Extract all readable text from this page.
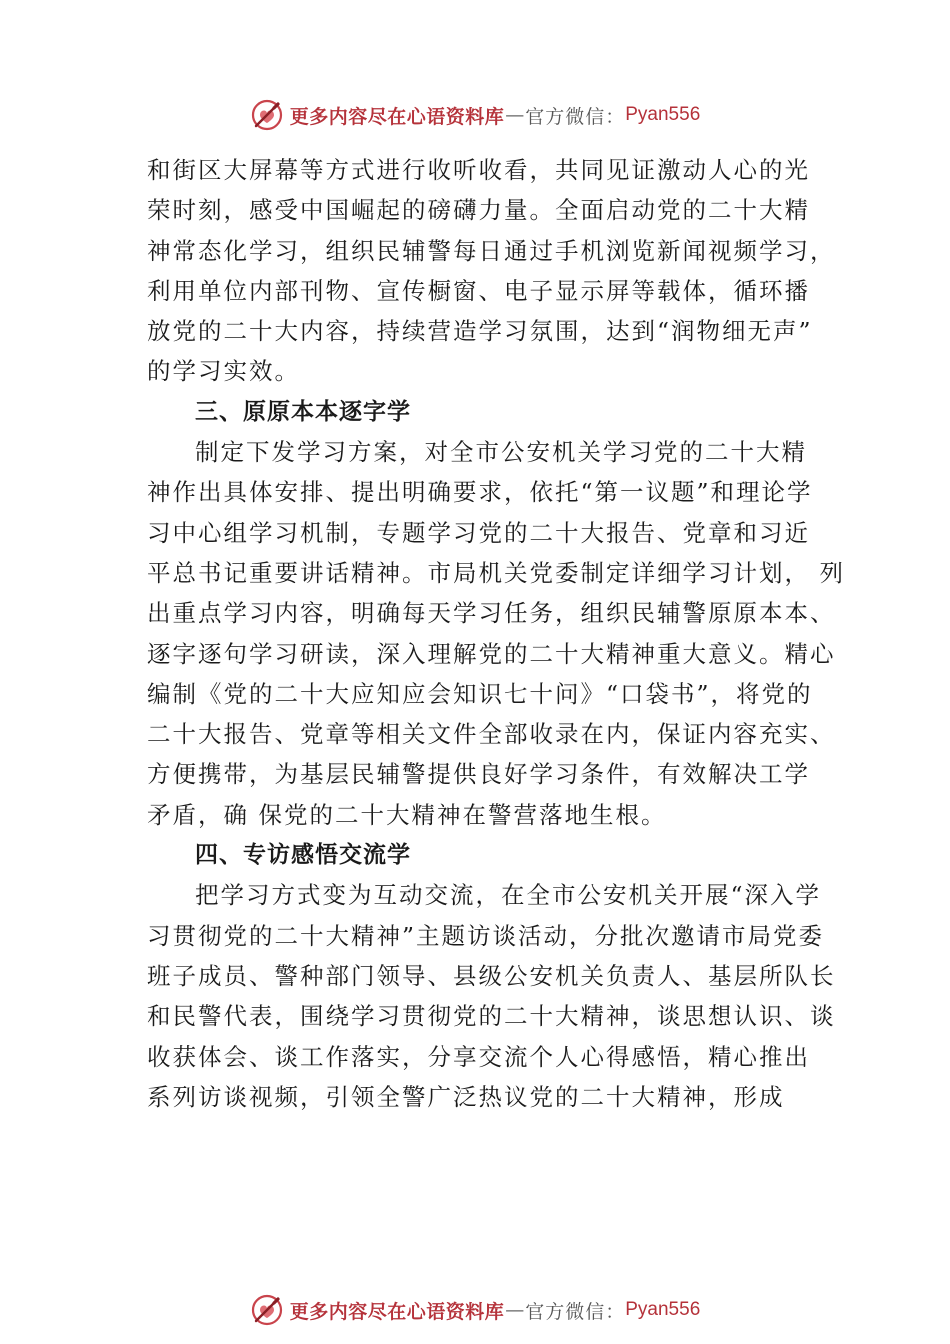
更多内容尽在心语资料库 — 官方微信： Pyan556
和街区大屏幕等方式进行收听收看，共同见证激动人心的光
荣时刻，感受中国崛起的磅礴力量。全面启动党的二十大精
神常态化学习，组织民辅警每日通过手机浏览新闻视频学习，
利用单位内部刊物、宣传橱窗、电子显示屏等载体，循环播
放党的二十大内容，持续营造学习氛围，达到“润物细无声”
的学习实效。
三、原原本本逐字学
制定下发学习方案，对全市公安机关学习党的二十大精
神作出具体安排、提出明确要求，依托“第一议题”和理论学
习中心组学习机制，专题学习党的二十大报告、党章和习近
平总书记重要讲话精神。市局机关党委制定详细学习计划， 列
出重点学习内容，明确每天学习任务，组织民辅警原原本本、
逐字逐句学习研读，深入理解党的二十大精神重大意义。精心
编制《党的二十大应知应会知识七十问》“口袋书”，将党的
二十大报告、党章等相关文件全部收录在内，保证内容充实、
方便携带，为基层民辅警提供良好学习条件，有效解决工学
矛盾，确 保党的二十大精神在警营落地生根。
四、专访感悟交流学
把学习方式变为互动交流，在全市公安机关开展“深入学
习贯彻党的二十大精神”主题访谈活动，分批次邀请市局党委
班子成员、警种部门领导、县级公安机关负责人、基层所队长
和民警代表，围绕学习贯彻党的二十大精神，谈思想认识、谈
收获体会、谈工作落实，分享交流个人心得感悟，精心推出
系列访谈视频，引领全警广泛热议党的二十大精神，形成
更多内容尽在心语资料库 — 官方微信： Pyan556
